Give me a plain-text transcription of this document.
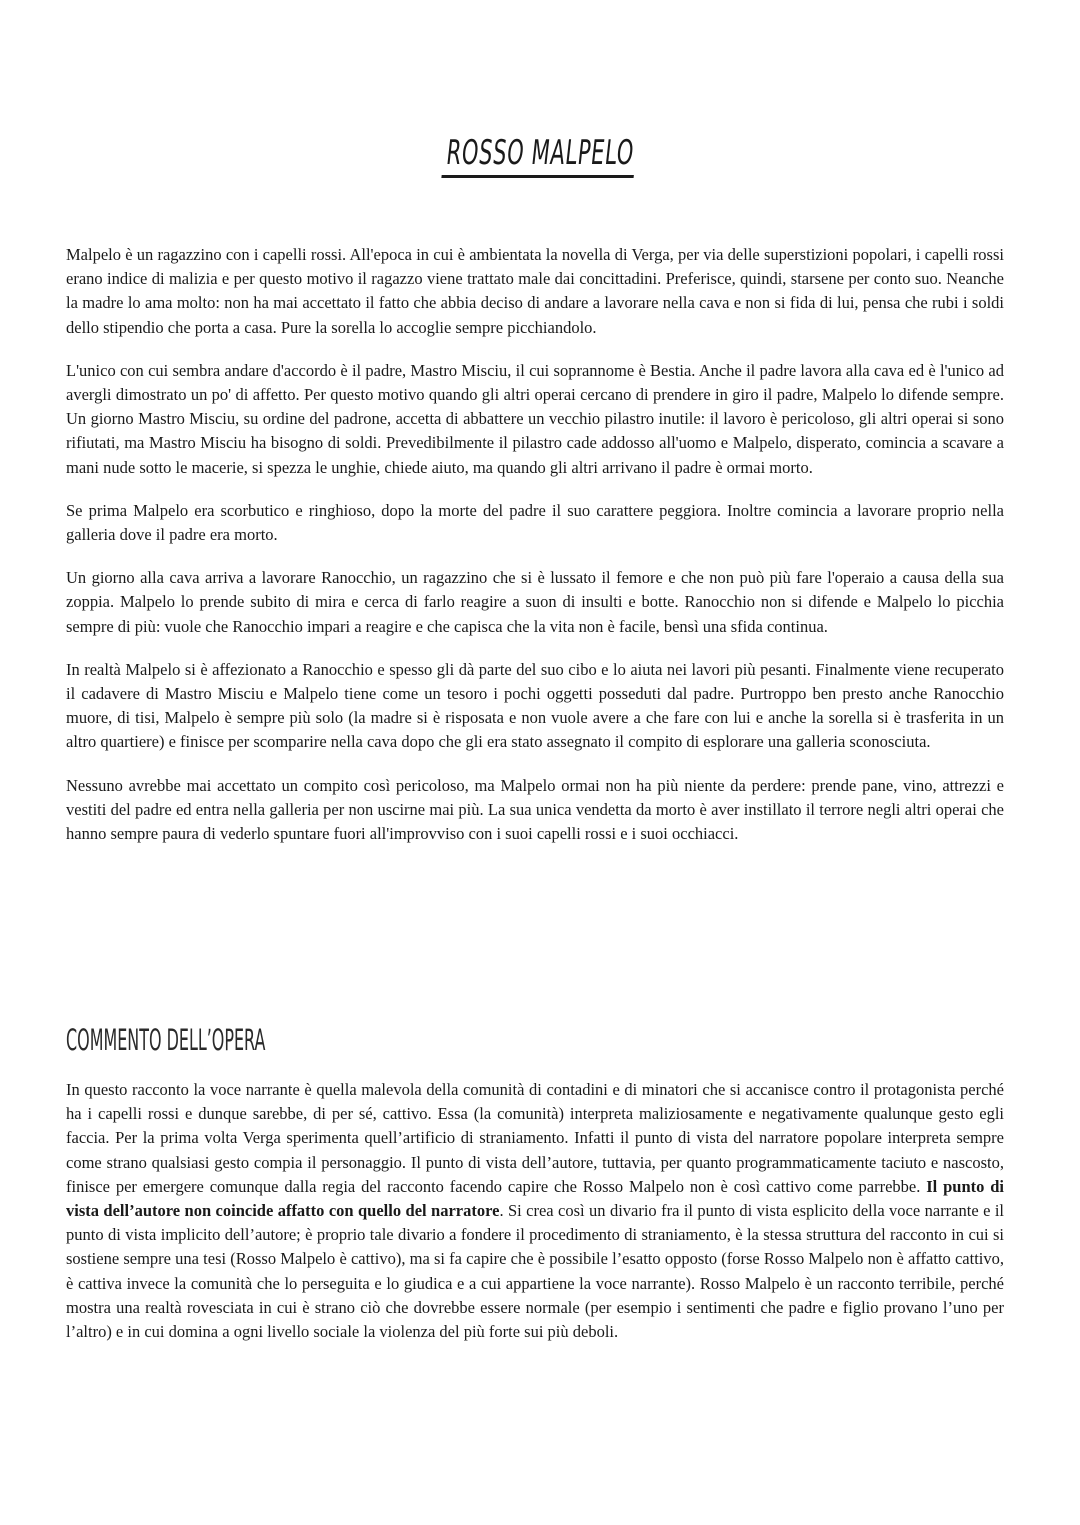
ROSSO MALPELO

Malpelo è un ragazzino con i capelli rossi. All'epoca in cui è ambientata la novella di Verga, per via delle superstizioni popolari, i capelli rossi erano indice di malizia e per questo motivo il ragazzo viene trattato male dai concittadini. Preferisce, quindi, starsene per conto suo. Neanche la madre lo ama molto: non ha mai accettato il fatto che abbia deciso di andare a lavorare nella cava e non si fida di lui, pensa che rubi i soldi dello stipendio che porta a casa. Pure la sorella lo accoglie sempre picchiandolo.

L'unico con cui sembra andare d'accordo è il padre, Mastro Misciu, il cui soprannome è Bestia. Anche il padre lavora alla cava ed è l'unico ad avergli dimostrato un po' di affetto. Per questo motivo quando gli altri operai cercano di prendere in giro il padre, Malpelo lo difende sempre. Un giorno Mastro Misciu, su ordine del padrone, accetta di abbattere un vecchio pilastro inutile: il lavoro è pericoloso, gli altri operai si sono rifiutati, ma Mastro Misciu ha bisogno di soldi. Prevedibilmente il pilastro cade addosso all'uomo e Malpelo, disperato, comincia a scavare a mani nude sotto le macerie, si spezza le unghie, chiede aiuto, ma quando gli altri arrivano il padre è ormai morto.

Se prima Malpelo era scorbutico e ringhioso, dopo la morte del padre il suo carattere peggiora. Inoltre comincia a lavorare proprio nella galleria dove il padre era morto.

Un giorno alla cava arriva a lavorare Ranocchio, un ragazzino che si è lussato il femore e che non può più fare l'operaio a causa della sua zoppia. Malpelo lo prende subito di mira e cerca di farlo reagire a suon di insulti e botte. Ranocchio non si difende e Malpelo lo picchia sempre di più: vuole che Ranocchio impari a reagire e che capisca che la vita non è facile, bensì una sfida continua.

In realtà Malpelo si è affezionato a Ranocchio e spesso gli dà parte del suo cibo e lo aiuta nei lavori più pesanti. Finalmente viene recuperato il cadavere di Mastro Misciu e Malpelo tiene come un tesoro i pochi oggetti posseduti dal padre. Purtroppo ben presto anche Ranocchio muore, di tisi, Malpelo è sempre più solo (la madre si è risposata e non vuole avere a che fare con lui e anche la sorella si è trasferita in un altro quartiere) e finisce per scomparire nella cava dopo che gli era stato assegnato il compito di esplorare una galleria sconosciuta.

Nessuno avrebbe mai accettato un compito così pericoloso, ma Malpelo ormai non ha più niente da perdere: prende pane, vino, attrezzi e vestiti del padre ed entra nella galleria per non uscirne mai più. La sua unica vendetta da morto è aver instillato il terrore negli altri operai che hanno sempre paura di vederlo spuntare fuori all'improvviso con i suoi capelli rossi e i suoi occhiacci.

COMMENTO DELL’OPERA

In questo racconto la voce narrante è quella malevola della comunità di contadini e di minatori che si accanisce contro il protagonista perché ha i capelli rossi e dunque sarebbe, di per sé, cattivo. Essa (la comunità) interpreta maliziosamente e negativamente qualunque gesto egli faccia. Per la prima volta Verga sperimenta quell’artificio di straniamento. Infatti il punto di vista del narratore popolare interpreta sempre come strano qualsiasi gesto compia il personaggio. Il punto di vista dell’autore, tuttavia, per quanto programmaticamente taciuto e nascosto, finisce per emergere comunque dalla regia del racconto facendo capire che Rosso Malpelo non è così cattivo come parrebbe. Il punto di vista dell’autore non coincide affatto con quello del narratore. Si crea così un divario fra il punto di vista esplicito della voce narrante e il punto di vista implicito dell’autore; è proprio tale divario a fondere il procedimento di straniamento, è la stessa struttura del racconto in cui si sostiene sempre una tesi (Rosso Malpelo è cattivo), ma si fa capire che è possibile l’esatto opposto (forse Rosso Malpelo non è affatto cattivo, è cattiva invece la comunità che lo perseguita e lo giudica e a cui appartiene la voce narrante). Rosso Malpelo è un racconto terribile, perché mostra una realtà rovesciata in cui è strano ciò che dovrebbe essere normale (per esempio i sentimenti che padre e figlio provano l’uno per l’altro) e in cui domina a ogni livello sociale la violenza del più forte sui più deboli.
